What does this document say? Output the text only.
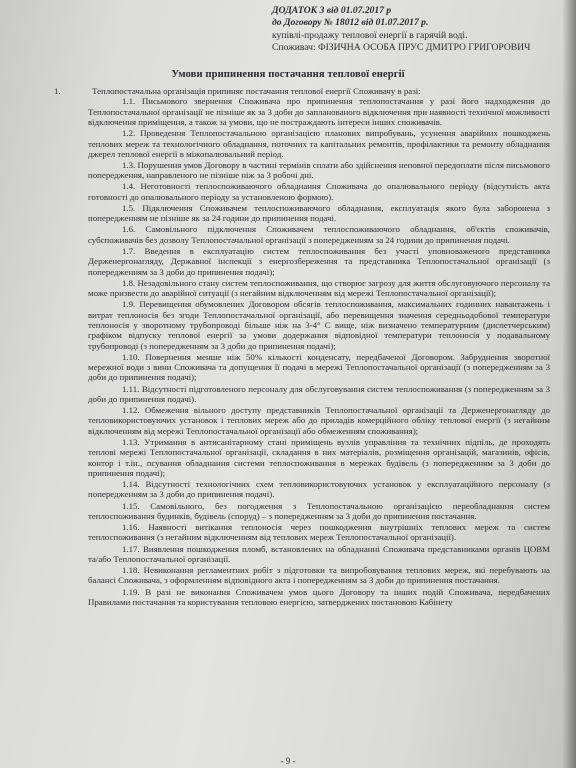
ДОДАТОК 3 від 01.07.2017 р
до Договору № 18012 від 01.07.2017 р.
купівлі-продажу теплової енергії в гарячій воді.
Споживач: ФІЗИЧНА ОСОБА ПРУС ДМИТРО ГРИГОРОВИЧ
Умови припинення постачання теплової енергії
1.	Теплопостачальна організація припиняє постачання теплової енергії Споживачу в разі:
1.1. Письмового звернення Споживача про припинення теплопостачання у разі його надходження до Теплопостачальної організації не пізніше як за 3 доби до запланованого відключення при наявності технічної можливості відключення приміщення, а також за умови, що не постраждають інтереси інших споживачів.
1.2. Проведення Теплопостачальною організацією планових випробувань, усунення аварійних пошкоджень теплових мереж та технологічного обладнання, поточних та капітальних ремонтів, профілактики та ремонту обладнання джерел теплової енергії в міжопалювальний період.
1.3. Порушення умов Договору в частині термінів сплати або здійснення неповної передоплати після письмового попередження, направленого не пізніше ніж за 3 робочі дні.
1.4. Неготовності теплоспоживаючого обладнання Споживача до опалювального періоду (відсутність акта готовності до опалювального періоду за установленою формою).
1.5. Підключення Споживачем теплоспоживаючого обладнання, експлуатація якого була заборонена з попередженням не пізніше як за 24 години до припинення подачі.
1.6. Самовільного підключення Споживачем теплоспоживаючого обладнання, об'єктів споживачів, субспоживачів без дозволу Теплопостачальної організації з попередженням за 24 години до припинення подачі.
1.7. Введення в експлуатацію систем теплоспоживання без участі уповноваженого представника Держенергонагляду, Державної інспекції з енергозбереження та представника Теплопостачальної організації (з попередженням за 3 доби до припинення подачі);
1.8. Незадовільного стану систем теплоспоживання, що створює загрозу для життя обслуговуючого персоналу та може призвести до аварійної ситуації (з негайним відключенням від мережі Теплопостачальної організації);
1.9. Перевищення обумовлених Договором обсягів теплоспоживання, максимальних годинних навантажень і витрат теплоносія без згоди Теплопостачальної організації, або перевищення значення середньодобової температури теплоносія у зворотному трубопроводі більше ніж на 3-4° С вище, ніж визначено температурним (диспетчерським) графіком відпуску теплової енергії за умови додержання відповідної температури теплоносія у подавальному трубопроводі (з попередженням за 3 доби до припинення подачі);
1.10. Повернення менше ніж 50% кількості конденсату, передбаченої Договором. Забруднення зворотної мережної води з вини Споживача та допущення її подачі в мережі Теплопостачальної організації (з попередженням за 3 доби до припинення подачі);
1.11. Відсутності підготовленого персоналу для обслуговування систем теплоспоживання (з попередженням за 3 доби до припинення подачі).
1.12. Обмеження вільного доступу представників Теплопостачальної організації та Держенергонагляду до тепловикористовуючих установок і теплових мереж або до приладів комерційного обліку теплової енергії (з негайним відключенням від мережі Теплопостачальної організації або обмеженням споживання);
1.13. Утримання в антисанітарному стані приміщень вузлів управління та технічних підпіль, де проходять теплові мережі Теплопостачальної організації, складання в них матеріалів, розміщення організацій, магазинів, офісів, контор і т.ін., псування обладнання системи теплоспоживання в мережах будівель (з попередженням за 3 доби до припинення подачі);
1.14. Відсутності технологічних схем тепловикористовуючих установок у експлуатаційного персоналу (з попередженням за 3 доби до припинення подачі).
1.15. Самовільного, без погодження з Теплопостачальною організацією переобладнання систем теплоспоживання будинків, будівель (споруд) – з попередженням за 3 доби до припинення постачання.
1.16. Наявності витікання теплоносія через пошкодження внутрішніх теплових мереж та систем теплоспоживання (з негайним відключенням від теплових мереж Теплопостачальної організації).
1.17. Виявлення пошкодження пломб, встановлених на обладнанні Споживача представниками органів ЦОВМ та/або Теплопостачальної організації.
1.18. Невиконання регламентних робіт з підготовки та випробовування теплових мереж, які перебувають на балансі Споживача, з оформленням відповідного акта і попередженням за 3 доби до припинення постачання.
1.19. В разі не виконання Споживачем умов цього Договору та інших подій Споживача, передбачених Правилами постачання та користування тепловою енергією, затверджених постановою Кабінету
- 9 -
